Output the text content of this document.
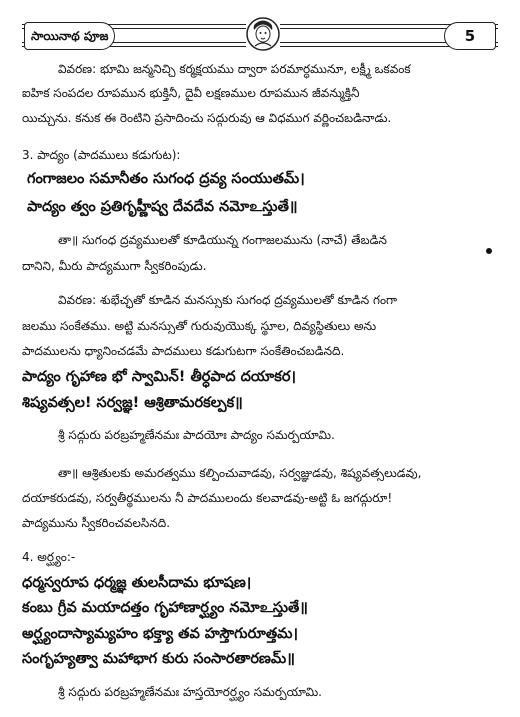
సాయినాథ పూజ	5
వివరణ: భూమి జన్మనిచ్చి కర్మక్షయము ద్వారా పరమార్ధమునూ, లక్ష్మీ ఒకవంక
ఐహిక సంపదల రూపమున భుక్తినీ, దైవీ లక్షణముల రూపమున జీవన్ముక్తినీ
యిచ్చును. కనుక ఈ రెంటిని ప్రసాదించు సద్గురువు ఆ విధముగ వర్ణించబడినాడు.
3. పాద్యం (పాదములు కడుగుట):
గంగాజలం సమానీతం సుగంధ ద్రవ్య సంయుతమ్।
పాద్యం త్వం ప్రతిగృహ్ణీష్వ దేవదేవ నమోஉస్తుతే॥
తా॥ సుగంధ ద్రవ్యములతో కూడియున్న గంగాజలమును (నాచే) తేబడిన
దానిని, మీరు పాద్యముగా స్వీకరింపుడు.
వివరణ: శుభేచ్ఛతో కూడిన మనస్సుకు సుగంధ ద్రవ్యములతో కూడిన గంగా
జలము సంకేతము. అట్టి మనస్సుతో గురువుయొక్క స్థూల, దివ్యస్థితులు అను
పాదములను ధ్యానించడమే పాదములు కడుగుటగా సంకేతించబడినది.
పాద్యం గృహాణ భో స్వామిన్! తీర్ధపాద దయాకర।
శిష్యవత్సల! సర్వజ్ఞ! ఆశ్రితామరకల్పక॥
శ్రీ సద్గురు పరబ్రహ్మణేనమః పాదయోః పాద్యం సమర్పయామి.
తా॥ ఆశ్రితులకు అమరత్వము కల్పించువాడవు, సర్వజ్ఞుడవు, శిష్యవత్సలుడవు,
దయాకరుడవు, సర్వతీర్థములను నీ పాదములందు కలవాడవు-అట్టి ఓ జగద్గురూ!
పాద్యమును స్వీకరించవలసినది.
4. అర్ఘ్యం:-
ధర్మస్వరూప ధర్మజ్ఞ తులసీదామ భూషణ।
కంబు గ్రీవ మయాదత్తం గృహాణార్ఘ్యం నమోஉస్తుతే॥
అర్ఘ్యందాస్యామ్యహం భక్త్యా తవ హస్తౌగురూత్తమ।
సంగృహ్యత్వా మహాభాగ కురు సంసారతారణమ్॥
శ్రీ సద్గురు పరబ్రహ్మణేనమః హస్తయోరర్ఘ్యం సమర్పయామి.
